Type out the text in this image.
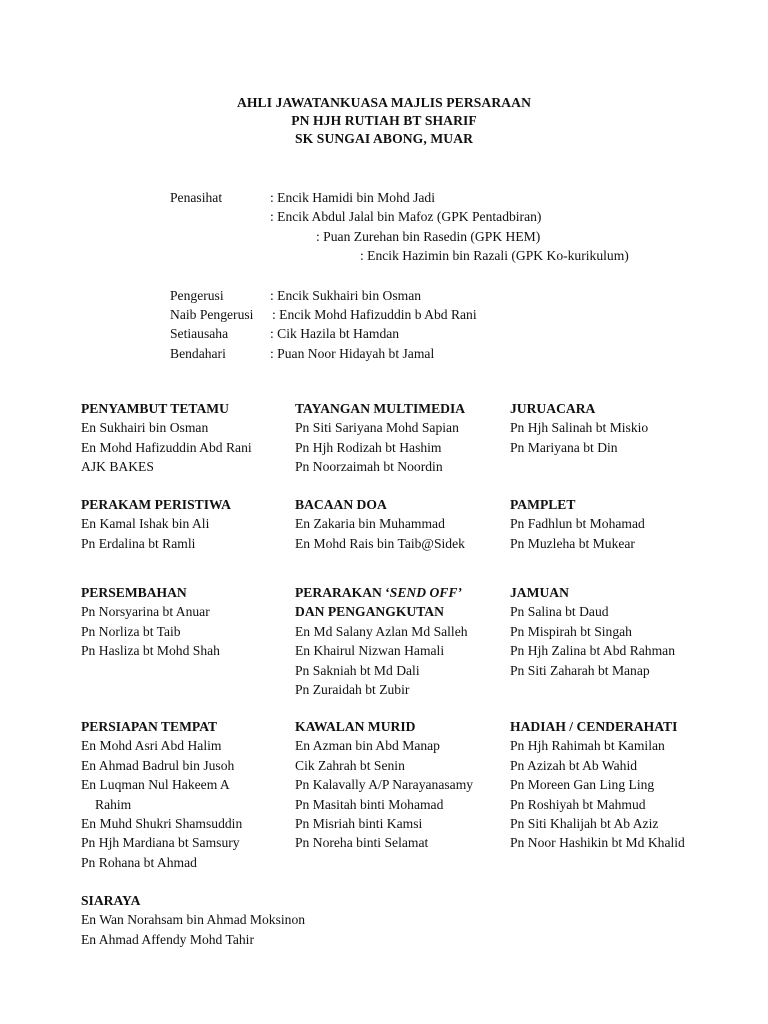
AHLI JAWATANKUASA MAJLIS PERSARAAN
PN HJH RUTIAH BT SHARIF
SK SUNGAI ABONG, MUAR
Penasihat	: Encik Hamidi bin Mohd Jadi
: Encik Abdul Jalal bin Mafoz (GPK Pentadbiran)
: Puan Zurehan bin Rasedin (GPK HEM)
: Encik Hazimin bin Razali (GPK Ko-kurikulum)
Pengerusi	: Encik Sukhairi bin Osman
Naib Pengerusi : Encik Mohd Hafizuddin b Abd Rani
Setiausaha	: Cik Hazila bt Hamdan
Bendahari	: Puan Noor Hidayah bt Jamal
PENYAMBUT TETAMU
En Sukhairi bin Osman
En Mohd Hafizuddin Abd Rani
AJK BAKES
TAYANGAN MULTIMEDIA
Pn Siti Sariyana Mohd Sapian
Pn Hjh Rodizah bt Hashim
Pn Noorzaimah bt Noordin
JURUACARA
Pn Hjh Salinah bt Miskio
Pn Mariyana bt Din
PERAKAM PERISTIWA
En Kamal Ishak bin Ali
Pn Erdalina bt Ramli
BACAAN DOA
En Zakaria bin Muhammad
En Mohd Rais bin Taib@Sidek
PAMPLET
Pn Fadhlun bt Mohamad
Pn Muzleha bt Mukear
PERSEMBAHAN
Pn Norsyarina bt Anuar
Pn Norliza bt Taib
Pn Hasliza bt Mohd Shah
PERARAKAN ‘SEND OFF’
DAN PENGANGKUTAN
En Md Salany Azlan Md Salleh
En Khairul Nizwan Hamali
Pn Sakniah bt Md Dali
Pn Zuraidah bt Zubir
JAMUAN
Pn Salina bt Daud
Pn Mispirah bt Singah
Pn Hjh Zalina bt Abd Rahman
Pn Siti Zaharah bt Manap
PERSIAPAN TEMPAT
En Mohd Asri Abd Halim
En Ahmad Badrul bin Jusoh
En Luqman Nul Hakeem A
Rahim
En Muhd Shukri Shamsuddin
Pn Hjh Mardiana bt Samsury
Pn Rohana bt Ahmad
KAWALAN MURID
En Azman bin Abd Manap
Cik Zahrah bt Senin
Pn Kalavally A/P Narayanasamy
Pn Masitah binti Mohamad
Pn Misriah binti Kamsi
Pn Noreha binti Selamat
HADIAH / CENDERAHATI
Pn Hjh Rahimah bt Kamilan
Pn Azizah bt Ab Wahid
Pn Moreen Gan Ling Ling
Pn Roshiyah bt Mahmud
Pn Siti Khalijah bt Ab Aziz
Pn Noor Hashikin bt Md Khalid
SIARAYA
En Wan Norahsam bin Ahmad Moksinon
En Ahmad Affendy Mohd Tahir
